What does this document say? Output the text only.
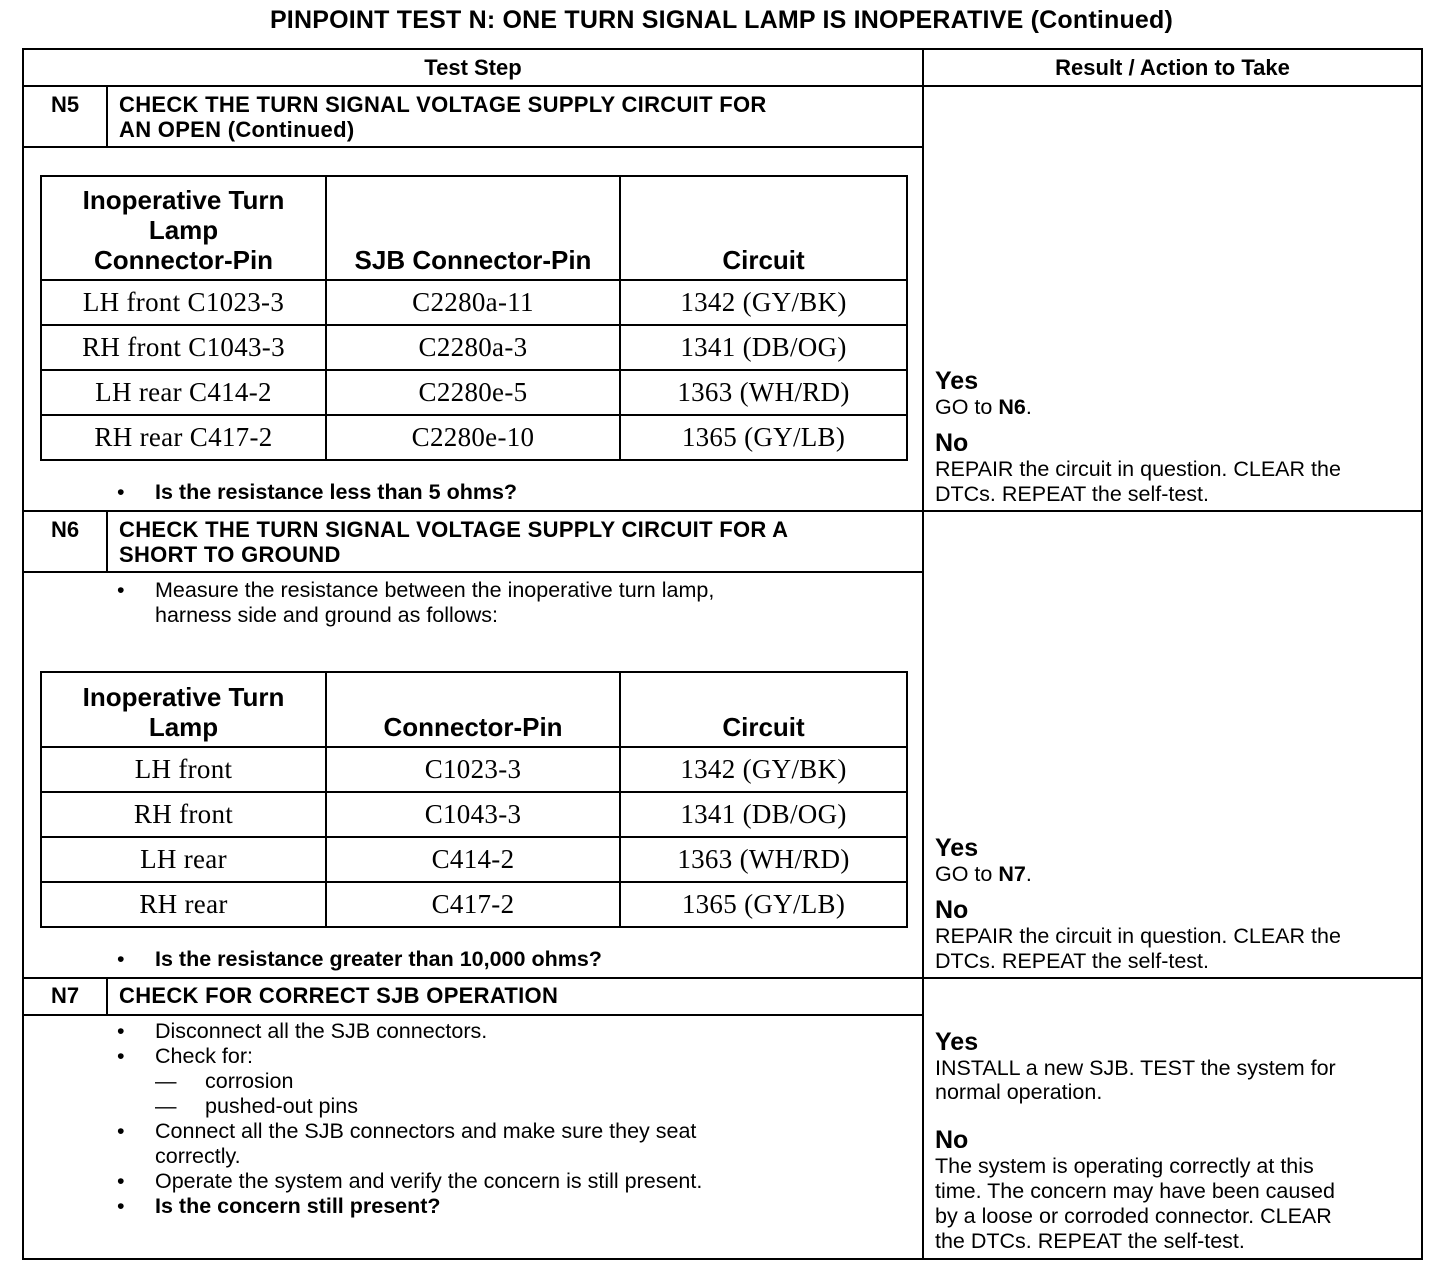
PINPOINT TEST N: ONE TURN SIGNAL LAMP IS INOPERATIVE (Continued)
Test Step	Result / Action to Take
N5	CHECK THE TURN SIGNAL VOLTAGE SUPPLY CIRCUIT FOR
AN OPEN (Continued)
Inoperative Turn
Lamp
Connector-Pin	SJB Connector-Pin	Circuit
LH front C1023-3	C2280a-11	1342 (GY/BK)
RH front C1043-3	C2280a-3	1341 (DB/OG)
LH rear C414-2	C2280e-5	1363 (WH/RD)
RH rear C417-2	C2280e-10	1365 (GY/LB)
•	Is the resistance less than 5 ohms?
Yes
GO to N6.
No
REPAIR the circuit in question. CLEAR the
DTCs. REPEAT the self-test.
N6	CHECK THE TURN SIGNAL VOLTAGE SUPPLY CIRCUIT FOR A
SHORT TO GROUND
•	Measure the resistance between the inoperative turn lamp,
harness side and ground as follows:
Inoperative Turn
Lamp	Connector-Pin	Circuit
LH front	C1023-3	1342 (GY/BK)
RH front	C1043-3	1341 (DB/OG)
LH rear	C414-2	1363 (WH/RD)
RH rear	C417-2	1365 (GY/LB)
•	Is the resistance greater than 10,000 ohms?
Yes
GO to N7.
No
REPAIR the circuit in question. CLEAR the
DTCs. REPEAT the self-test.
N7	CHECK FOR CORRECT SJB OPERATION
•	Disconnect all the SJB connectors.
•	Check for:
— corrosion
— pushed-out pins
•	Connect all the SJB connectors and make sure they seat
correctly.
•	Operate the system and verify the concern is still present.
•	Is the concern still present?
Yes
INSTALL a new SJB. TEST the system for
normal operation.
No
The system is operating correctly at this
time. The concern may have been caused
by a loose or corroded connector. CLEAR
the DTCs. REPEAT the self-test.
